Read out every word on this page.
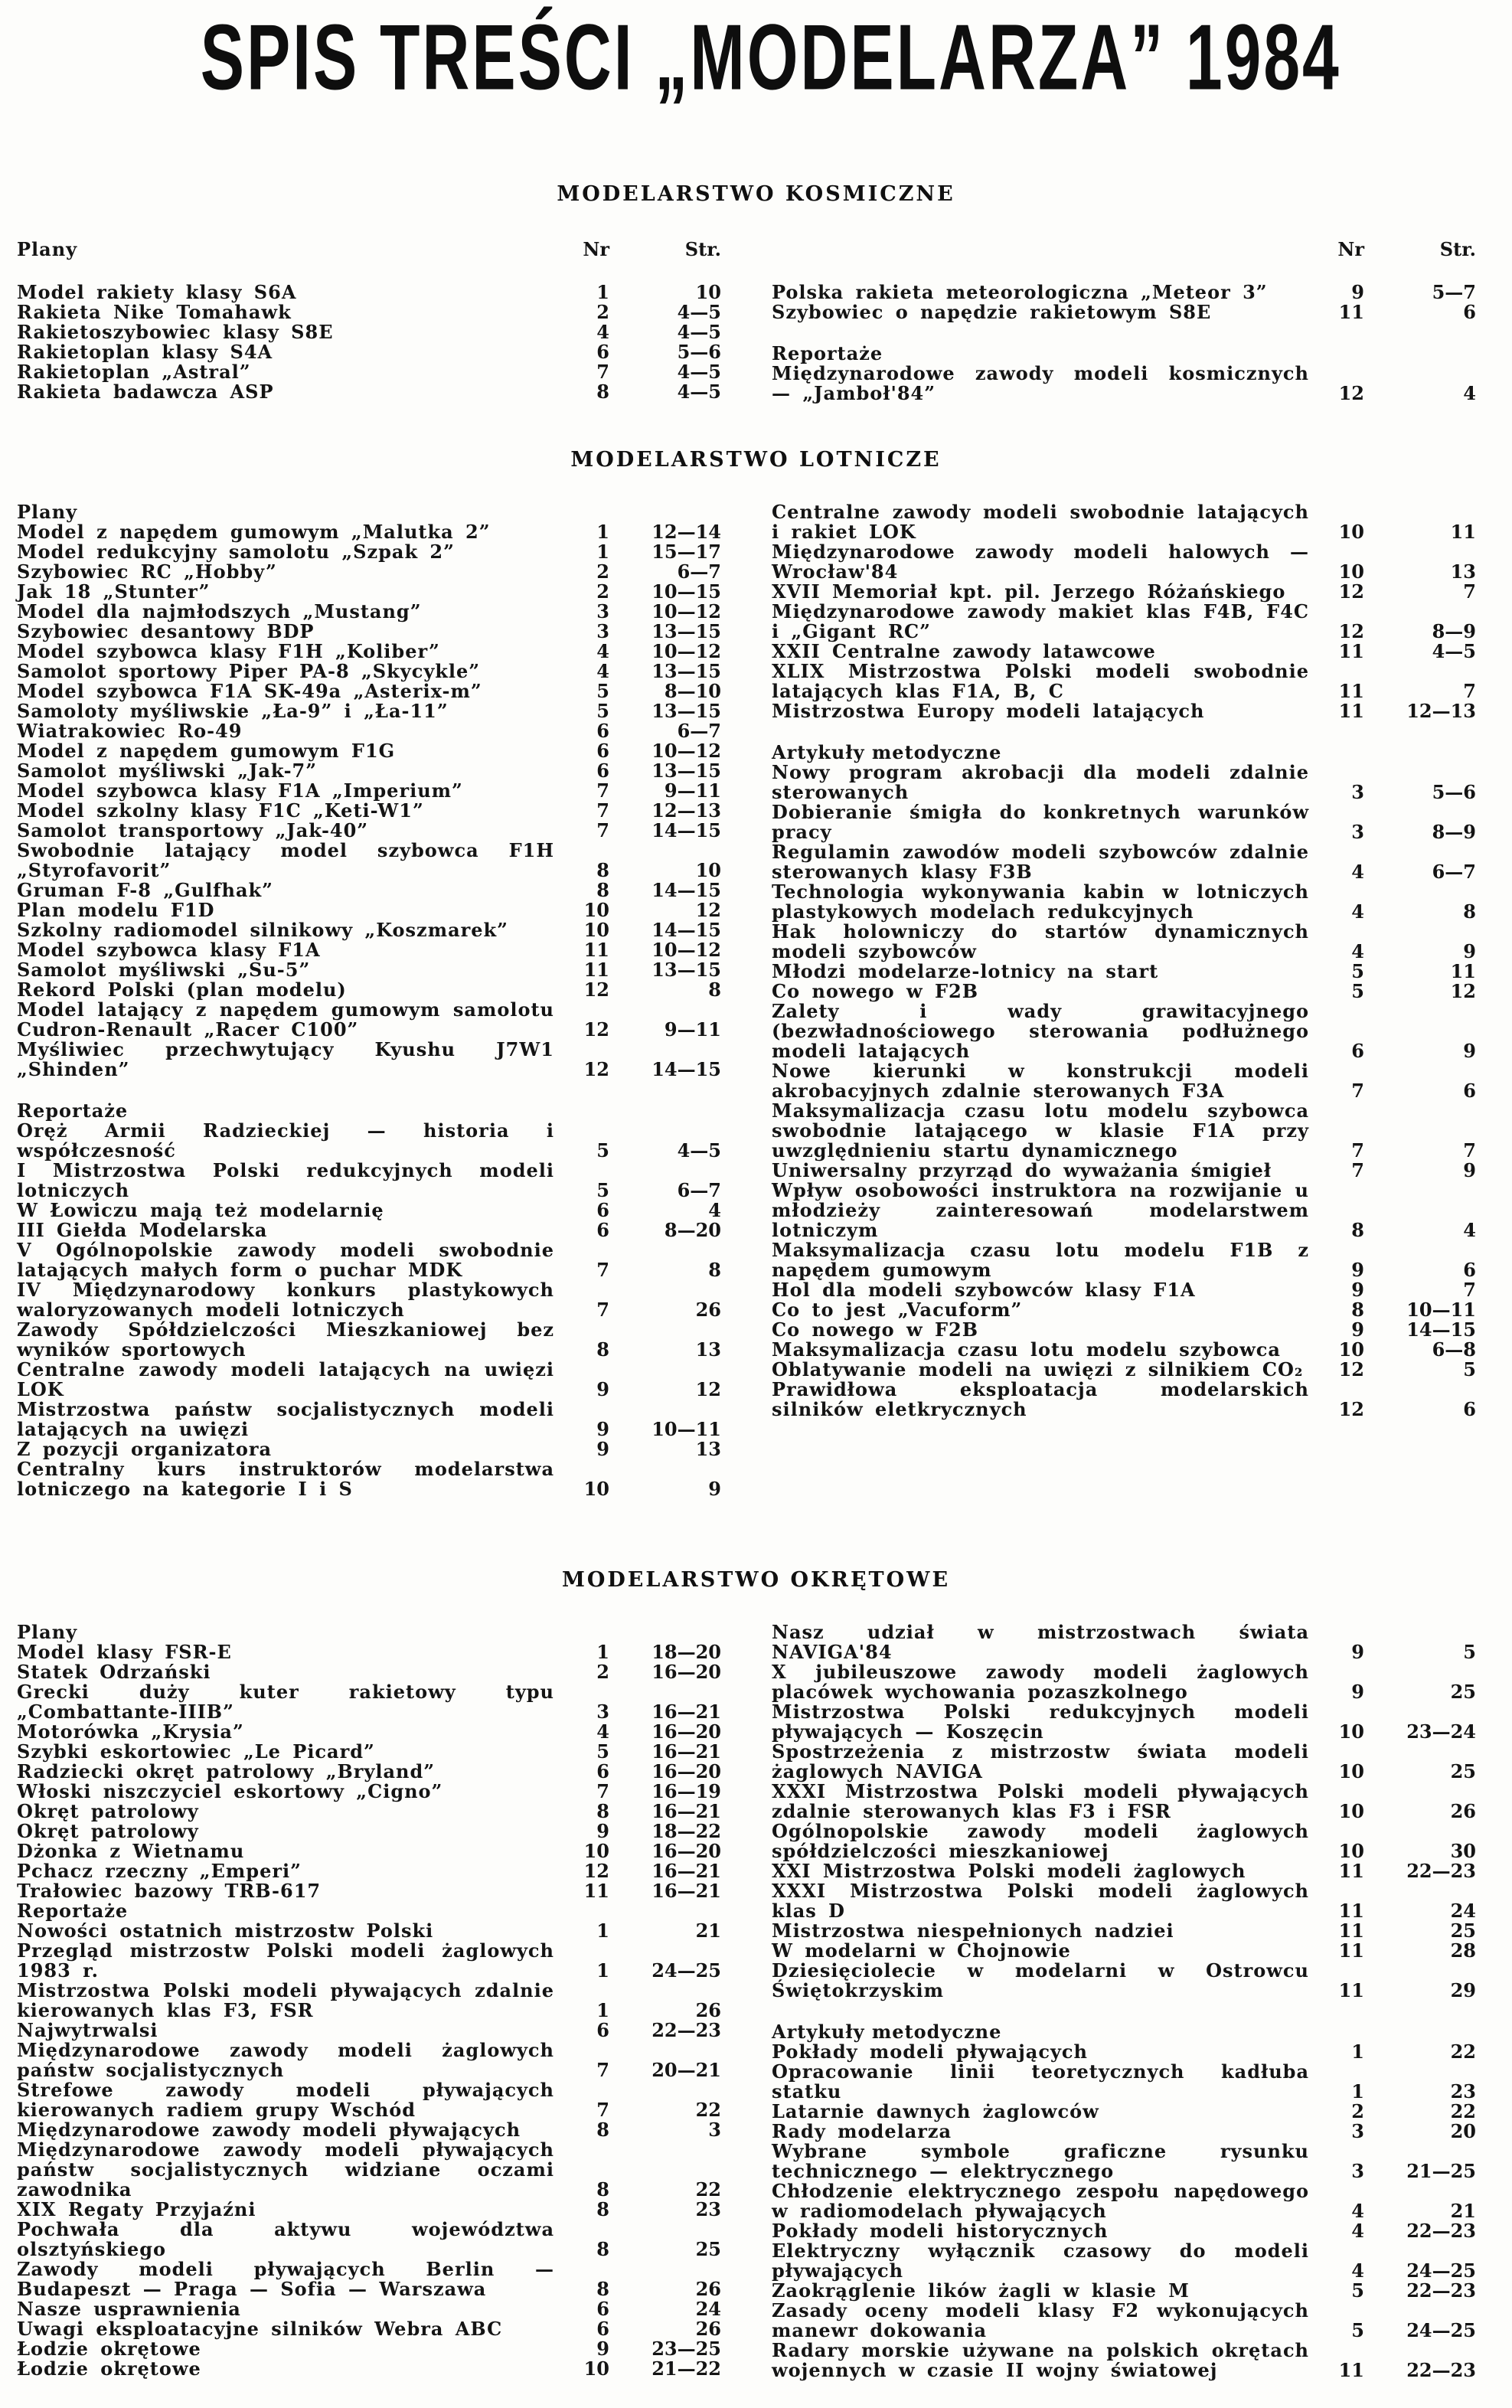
SPIS TREŚCI „MODELARZA” 1984
MODELARSTWO KOSMICZNE
Plany	Nr	Str.
Model rakiety klasy S6A	1	10
Rakieta Nike Tomahawk	2	4—5
Rakietoszybowiec klasy S8E	4	4—5
Rakietoplan klasy S4A	6	5—6
Rakietoplan „Astral”	7	4—5
Rakieta badawcza ASP	8	4—5
Nr	Str.
Polska rakieta meteorologiczna „Meteor 3”	9	5—7
Szybowiec o napędzie rakietowym S8E	11	6
Reportaże
Międzynarodowe zawody modeli kosmicznych — „Jamboł'84”	12	4
MODELARSTWO LOTNICZE
Plany
Model z napędem gumowym „Malutka 2”	1	12—14
Model redukcyjny samolotu „Szpak 2”	1	15—17
Szybowiec RC „Hobby”	2	6—7
Jak 18 „Stunter”	2	10—15
Model dla najmłodszych „Mustang”	3	10—12
Szybowiec desantowy BDP	3	13—15
Model szybowca klasy F1H „Koliber”	4	10—12
Samolot sportowy Piper PA-8 „Skycykle”	4	13—15
Model szybowca F1A SK-49a „Asterix-m”	5	8—10
Samoloty myśliwskie „Ła-9” i „Ła-11”	5	13—15
Wiatrakowiec Ro-49	6	6—7
Model z napędem gumowym F1G	6	10—12
Samolot myśliwski „Jak-7”	6	13—15
Model szybowca klasy F1A „Imperium”	7	9—11
Model szkolny klasy F1C „Keti-W1”	7	12—13
Samolot transportowy „Jak-40”	7	14—15
Swobodnie latający model szybowca F1H „Styrofavorit”	8	10
Gruman F-8 „Gulfhak”	8	14—15
Plan modelu F1D	10	12
Szkolny radiomodel silnikowy „Koszmarek”	10	14—15
Model szybowca klasy F1A	11	10—12
Samolot myśliwski „Su-5”	11	13—15
Rekord Polski (plan modelu)	12	8
Model latający z napędem gumowym samolotu Cudron-Renault „Racer C100”	12	9—11
Myśliwiec przechwytujący Kyushu J7W1 „Shinden”	12	14—15
Reportaże
Oręż Armii Radzieckiej — historia i współczesność	5	4—5
I Mistrzostwa Polski redukcyjnych modeli lotniczych	5	6—7
W Łowiczu mają też modelarnię	6	4
III Giełda Modelarska	6	8—20
V Ogólnopolskie zawody modeli swobodnie latających małych form o puchar MDK	7	8
IV Międzynarodowy konkurs plastykowych waloryzowanych modeli lotniczych	7	26
Zawody Spółdzielczości Mieszkaniowej bez wyników sportowych	8	13
Centralne zawody modeli latających na uwięzi LOK	9	12
Mistrzostwa państw socjalistycznych modeli latających na uwięzi	9	10—11
Z pozycji organizatora	9	13
Centralny kurs instruktorów modelarstwa lotniczego na kategorie I i S	10	9
Centralne zawody modeli swobodnie latających i rakiet LOK	10	11
Międzynarodowe zawody modeli halowych — Wrocław'84	10	13
XVII Memoriał kpt. pil. Jerzego Różańskiego	12	7
Międzynarodowe zawody makiet klas F4B, F4C i „Gigant RC”	12	8—9
XXII Centralne zawody latawcowe	11	4—5
XLIX Mistrzostwa Polski modeli swobodnie latających klas F1A, B, C	11	7
Mistrzostwa Europy modeli latających	11	12—13
Artykuły metodyczne
Nowy program akrobacji dla modeli zdalnie sterowanych	3	5—6
Dobieranie śmigła do konkretnych warunków pracy	3	8—9
Regulamin zawodów modeli szybowców zdalnie sterowanych klasy F3B	4	6—7
Technologia wykonywania kabin w lotniczych plastykowych modelach redukcyjnych	4	8
Hak holowniczy do startów dynamicznych modeli szybowców	4	9
Młodzi modelarze-lotnicy na start	5	11
Co nowego w F2B	5	12
Zalety i wady grawitacyjnego (bezwładnościowego sterowania podłużnego modeli latających	6	9
Nowe kierunki w konstrukcji modeli akrobacyjnych zdalnie sterowanych F3A	7	6
Maksymalizacja czasu lotu modelu szybowca swobodnie latającego w klasie F1A przy uwzględnieniu startu dynamicznego	7	7
Uniwersalny przyrząd do wyważania śmigieł	7	9
Wpływ osobowości instruktora na rozwijanie u młodzieży zainteresowań modelarstwem lotniczym	8	4
Maksymalizacja czasu lotu modelu F1B z napędem gumowym	9	6
Hol dla modeli szybowców klasy F1A	9	7
Co to jest „Vacuform”	8	10—11
Co nowego w F2B	9	14—15
Maksymalizacja czasu lotu modelu szybowca	10	6—8
Oblatywanie modeli na uwięzi z silnikiem CO₂	12	5
Prawidłowa eksploatacja modelarskich silników eletkrycznych	12	6
MODELARSTWO OKRĘTOWE
Plany
Model klasy FSR-E	1	18—20
Statek Odrzański	2	16—20
Grecki duży kuter rakietowy typu „Combattante-IIIB”	3	16—21
Motorówka „Krysia”	4	16—20
Szybki eskortowiec „Le Picard”	5	16—21
Radziecki okręt patrolowy „Bryland”	6	16—20
Włoski niszczyciel eskortowy „Cigno”	7	16—19
Okręt patrolowy	8	16—21
Okręt patrolowy	9	18—22
Dżonka z Wietnamu	10	16—20
Pchacz rzeczny „Emperi”	12	16—21
Trałowiec bazowy TRB-617	11	16—21
Reportaże
Nowości ostatnich mistrzostw Polski	1	21
Przegląd mistrzostw Polski modeli żaglowych 1983 r.	1	24—25
Mistrzostwa Polski modeli pływających zdalnie kierowanych klas F3, FSR	1	26
Najwytrwalsi	6	22—23
Międzynarodowe zawody modeli żaglowych państw socjalistycznych	7	20—21
Strefowe zawody modeli pływających kierowanych radiem grupy Wschód	7	22
Międzynarodowe zawody modeli pływających	8	3
Międzynarodowe zawody modeli pływających państw socjalistycznych widziane oczami zawodnika	8	22
XIX Regaty Przyjaźni	8	23
Pochwała dla aktywu województwa olsztyńskiego	8	25
Zawody modeli pływających Berlin — Budapeszt — Praga — Sofia — Warszawa	8	26
Nasze usprawnienia	6	24
Uwagi eksploatacyjne silników Webra ABC	6	26
Łodzie okrętowe	9	23—25
Łodzie okrętowe	10	21—22
Nasz udział w mistrzostwach świata NAVIGA'84	9	5
X jubileuszowe zawody modeli żaglowych placówek wychowania pozaszkolnego	9	25
Mistrzostwa Polski redukcyjnych modeli pływających — Koszęcin	10	23—24
Spostrzeżenia z mistrzostw świata modeli żaglowych NAVIGA	10	25
XXXI Mistrzostwa Polski modeli pływających zdalnie sterowanych klas F3 i FSR	10	26
Ogólnopolskie zawody modeli żaglowych spółdzielczości mieszkaniowej	10	30
XXI Mistrzostwa Polski modeli żaglowych	11	22—23
XXXI Mistrzostwa Polski modeli żaglowych klas D	11	24
Mistrzostwa niespełnionych nadziei	11	25
W modelarni w Chojnowie	11	28
Dziesięciolecie w modelarni w Ostrowcu Świętokrzyskim	11	29
Artykuły metodyczne
Pokłady modeli pływających	1	22
Opracowanie linii teoretycznych kadłuba statku	1	23
Latarnie dawnych żaglowców	2	22
Rady modelarza	3	20
Wybrane symbole graficzne rysunku technicznego — elektrycznego	3	21—25
Chłodzenie elektrycznego zespołu napędowego w radiomodelach pływających	4	21
Pokłady modeli historycznych	4	22—23
Elektryczny wyłącznik czasowy do modeli pływających	4	24—25
Zaokrąglenie lików żagli w klasie M	5	22—23
Zasady oceny modeli klasy F2 wykonujących manewr dokowania	5	24—25
Radary morskie używane na polskich okrętach wojennych w czasie II wojny światowej	11	22—23
